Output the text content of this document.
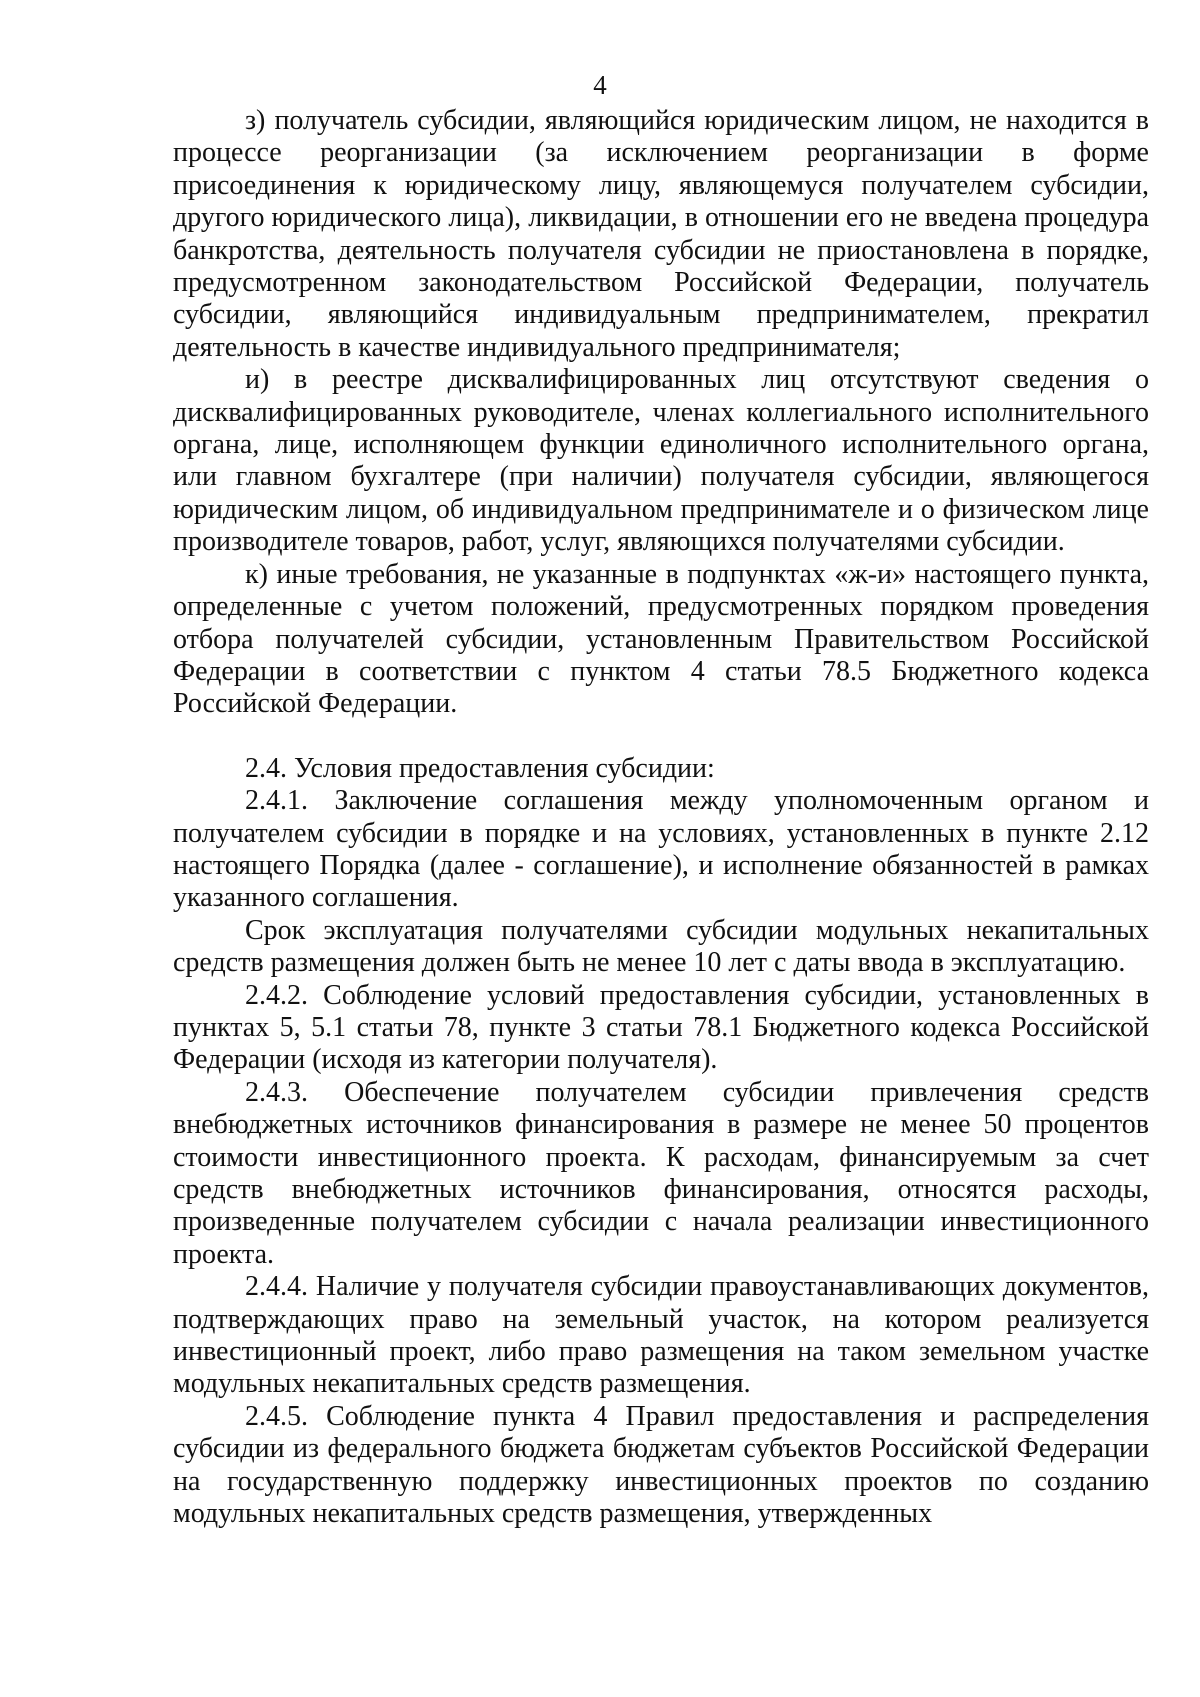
4

з) получатель субсидии, являющийся юридическим лицом, не находится в процессе реорганизации (за исключением реорганизации в форме присоединения к юридическому лицу, являющемуся получателем субсидии, другого юридического лица), ликвидации, в отношении его не введена процедура банкротства, деятельность получателя субсидии не приостановлена в порядке, предусмотренном законодательством Российской Федерации, получатель субсидии, являющийся индивидуальным предпринимателем, прекратил деятельность в качестве индивидуального предпринимателя;

и) в реестре дисквалифицированных лиц отсутствуют сведения о дисквалифицированных руководителе, членах коллегиального исполнительного органа, лице, исполняющем функции единоличного исполнительного органа, или главном бухгалтере (при наличии) получателя субсидии, являющегося юридическим лицом, об индивидуальном предпринимателе и о физическом лице производителе товаров, работ, услуг, являющихся получателями субсидии.

к) иные требования, не указанные в подпунктах «ж-и» настоящего пункта, определенные с учетом положений, предусмотренных порядком проведения отбора получателей субсидии, установленным Правительством Российской Федерации в соответствии с пунктом 4 статьи 78.5 Бюджетного кодекса Российской Федерации.

2.4. Условия предоставления субсидии:

2.4.1. Заключение соглашения между уполномоченным органом и получателем субсидии в порядке и на условиях, установленных в пункте 2.12 настоящего Порядка (далее - соглашение), и исполнение обязанностей в рамках указанного соглашения.

Срок эксплуатация получателями субсидии модульных некапитальных средств размещения должен быть не менее 10 лет с даты ввода в эксплуатацию.

2.4.2. Соблюдение условий предоставления субсидии, установленных в пунктах 5, 5.1 статьи 78, пункте 3 статьи 78.1 Бюджетного кодекса Российской Федерации (исходя из категории получателя).

2.4.3. Обеспечение получателем субсидии привлечения средств внебюджетных источников финансирования в размере не менее 50 процентов стоимости инвестиционного проекта. К расходам, финансируемым за счет средств внебюджетных источников финансирования, относятся расходы, произведенные получателем субсидии с начала реализации инвестиционного проекта.

2.4.4. Наличие у получателя субсидии правоустанавливающих документов, подтверждающих право на земельный участок, на котором реализуется инвестиционный проект, либо право размещения на таком земельном участке модульных некапитальных средств размещения.

2.4.5. Соблюдение пункта 4 Правил предоставления и распределения субсидии из федерального бюджета бюджетам субъектов Российской Федерации на государственную поддержку инвестиционных проектов по созданию модульных некапитальных средств размещения, утвержденных
